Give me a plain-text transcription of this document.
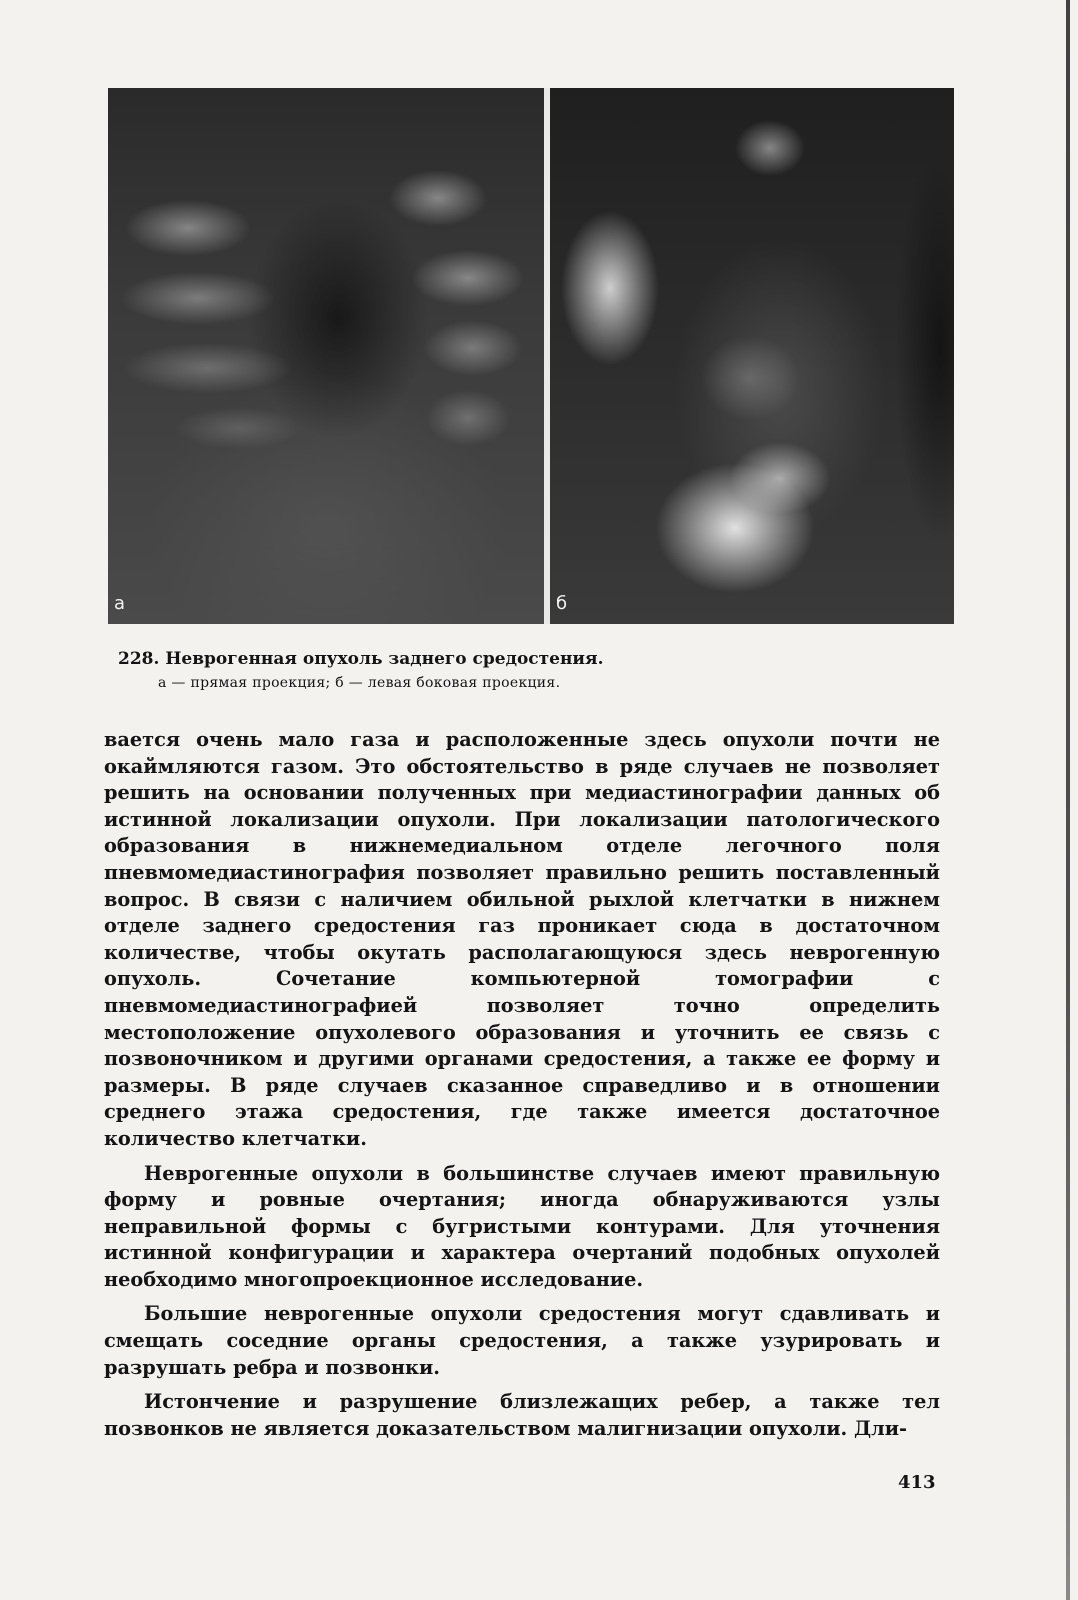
а	б

228. Неврогенная опухоль заднего средостения.

а — прямая проекция; б — левая боковая проекция.

вается очень мало газа и расположенные здесь опухоли почти не окаймляются газом. Это обстоятельство в ряде случаев не позволяет решить на основании полученных при медиастинографии данных об истинной локализации опухоли. При локализации патологического образования в нижнемедиальном отделе легочного поля пневмомедиастинография позволяет правильно решить поставленный вопрос. В связи с наличием обильной рыхлой клетчатки в нижнем отделе заднего средостения газ проникает сюда в достаточном количестве, чтобы окутать располагающуюся здесь неврогенную опухоль. Сочетание компьютерной томографии с пневмомедиастинографией позволяет точно определить местоположение опухолевого образования и уточнить ее связь с позвоночником и другими органами средостения, а также ее форму и размеры. В ряде случаев сказанное справедливо и в отношении среднего этажа средостения, где также имеется достаточное количество клетчатки.

Неврогенные опухоли в большинстве случаев имеют правильную форму и ровные очертания; иногда обнаруживаются узлы неправильной формы с бугристыми контурами. Для уточнения истинной конфигурации и характера очертаний подобных опухолей необходимо многопроекционное исследование.

Большие неврогенные опухоли средостения могут сдавливать и смещать соседние органы средостения, а также узурировать и разрушать ребра и позвонки.

Истончение и разрушение близлежащих ребер, а также тел позвонков не является доказательством малигнизации опухоли. Дли-

413
